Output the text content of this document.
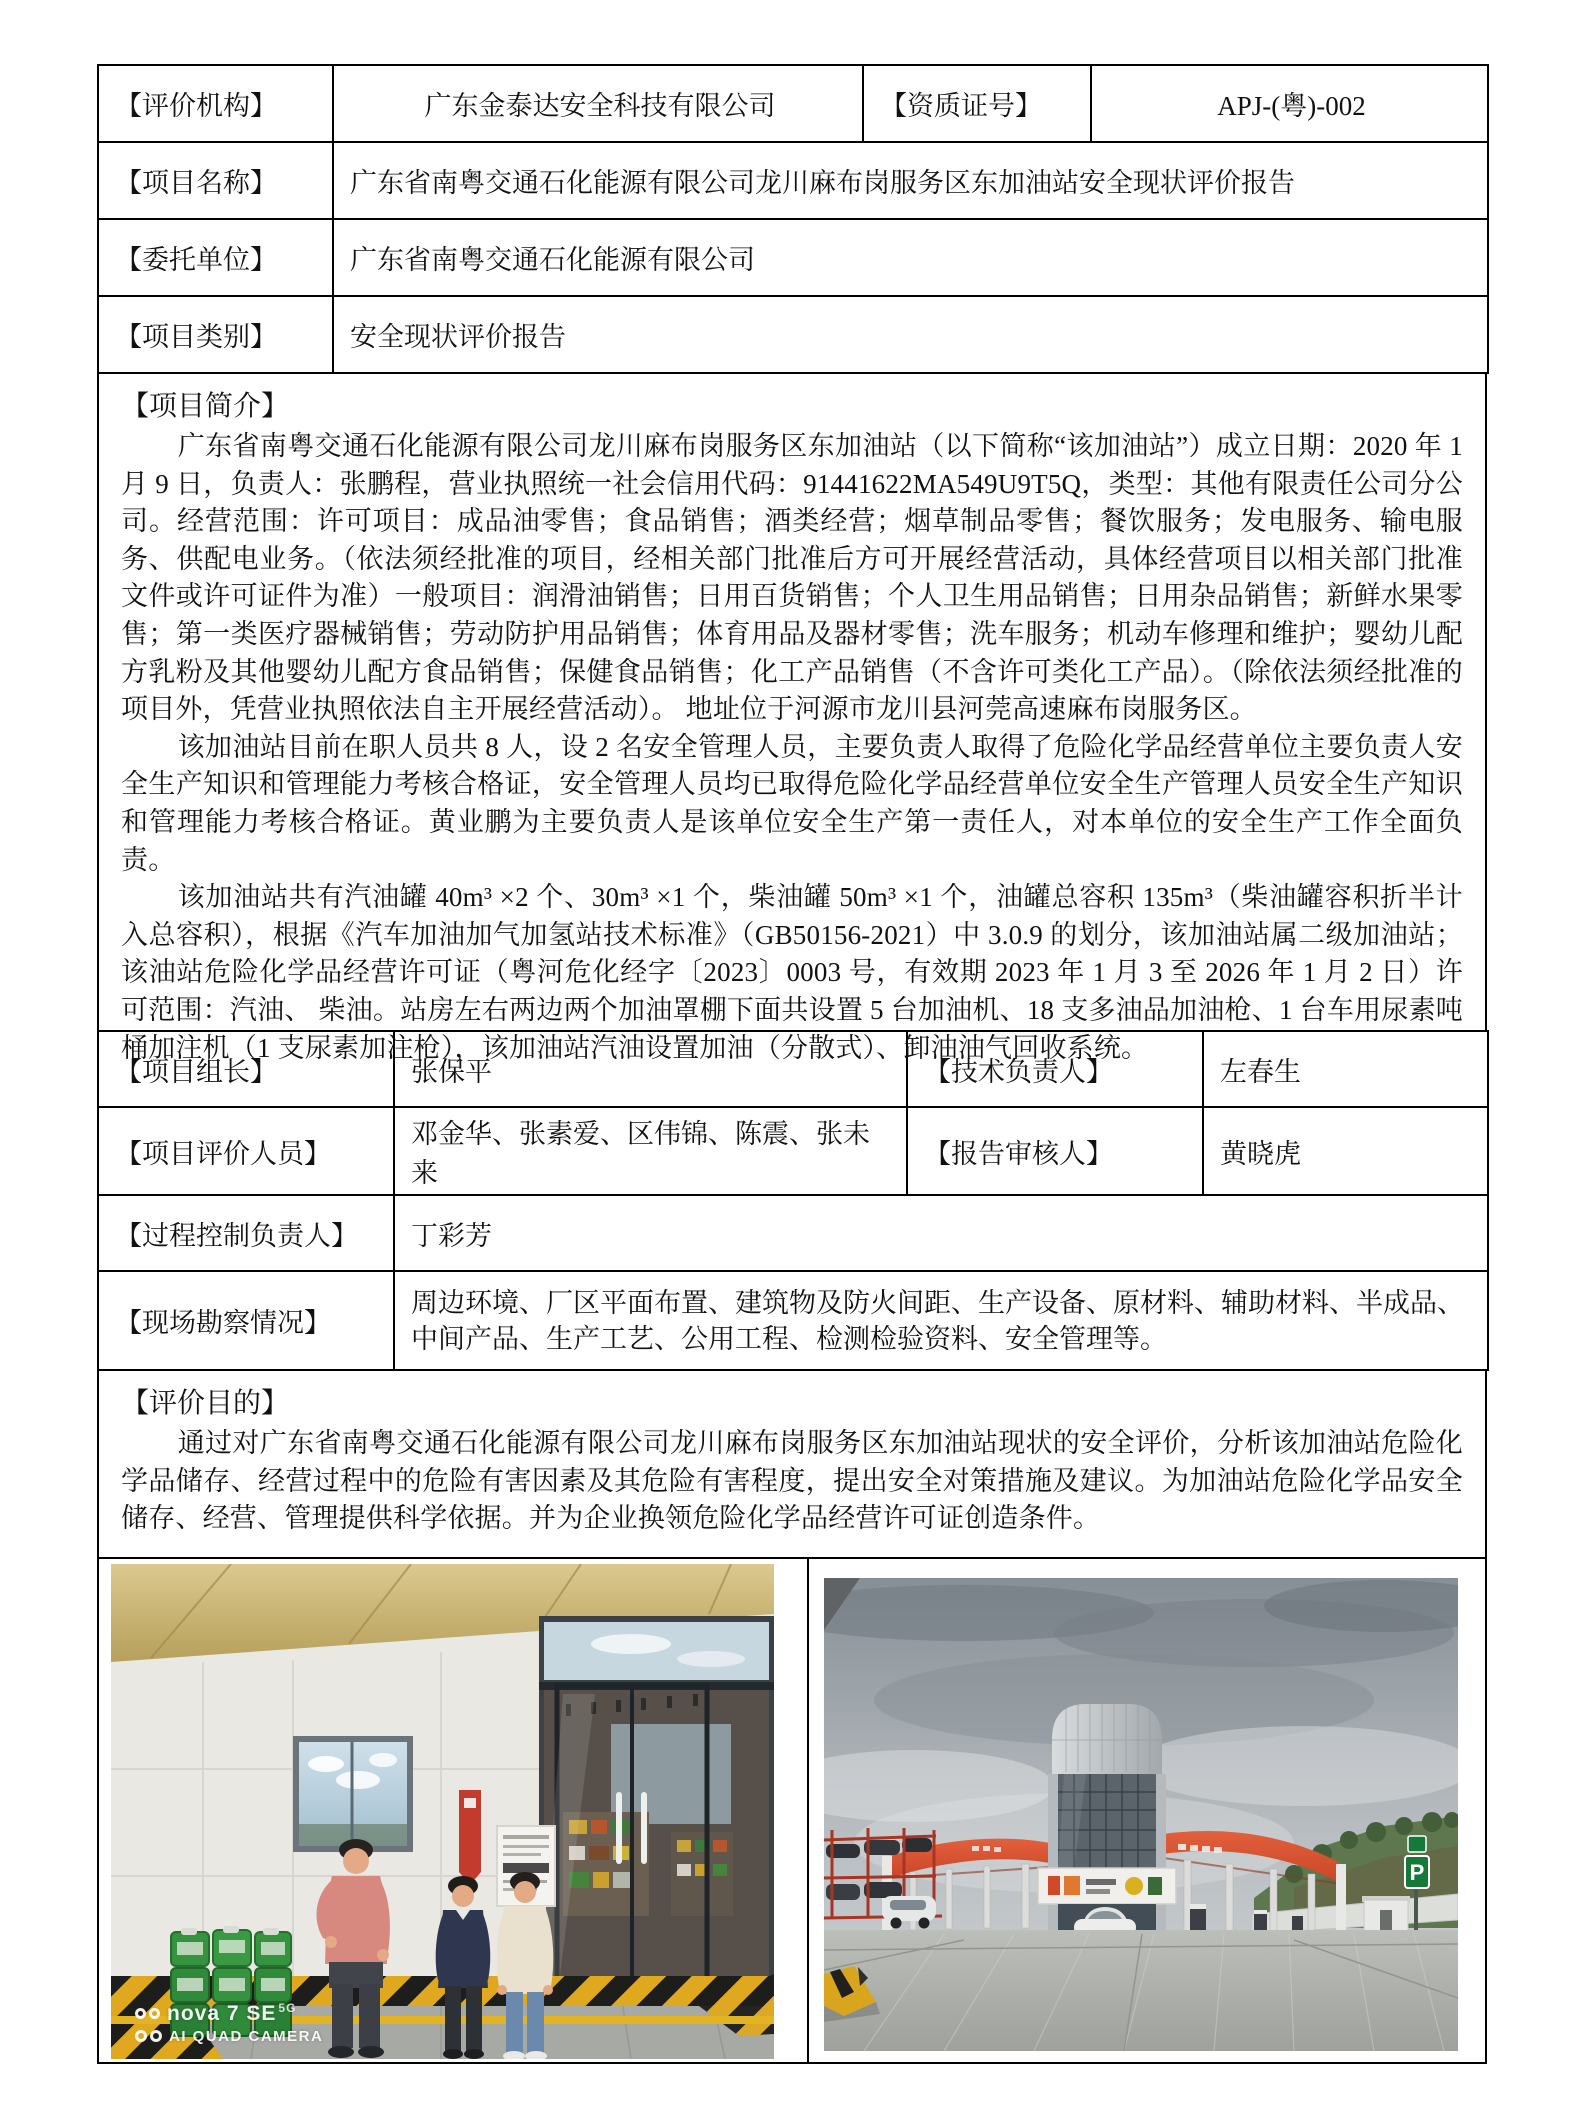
【评价机构】	广东金泰达安全科技有限公司	【资质证号】	APJ-(粤)-002
【项目名称】	广东省南粤交通石化能源有限公司龙川麻布岗服务区东加油站安全现状评价报告		
【委托单位】	广东省南粤交通石化能源有限公司		
【项目类别】	安全现状评价报告		
【项目简介】

广东省南粤交通石化能源有限公司龙川麻布岗服务区东加油站（以下简称“该加油站”）成立日期：2020 年 1 月 9 日，负责人：张鹏程，营业执照统一社会信用代码：91441622MA549U9T5Q，类型：其他有限责任公司分公司。经营范围：许可项目：成品油零售；食品销售；酒类经营；烟草制品零售；餐饮服务；发电服务、输电服务、供配电业务。（依法须经批准的项目，经相关部门批准后方可开展经营活动，具体经营项目以相关部门批准文件或许可证件为准）一般项目：润滑油销售；日用百货销售；个人卫生用品销售；日用杂品销售；新鲜水果零售；第一类医疗器械销售；劳动防护用品销售；体育用品及器材零售；洗车服务；机动车修理和维护；婴幼儿配方乳粉及其他婴幼儿配方食品销售；保健食品销售；化工产品销售（不含许可类化工产品）。（除依法须经批准的项目外，凭营业执照依法自主开展经营活动）。 地址位于河源市龙川县河莞高速麻布岗服务区。

该加油站目前在职人员共 8 人，设 2 名安全管理人员，主要负责人取得了危险化学品经营单位主要负责人安全生产知识和管理能力考核合格证，安全管理人员均已取得危险化学品经营单位安全生产管理人员安全生产知识和管理能力考核合格证。黄业鹏为主要负责人是该单位安全生产第一责任人，对本单位的安全生产工作全面负责。

该加油站共有汽油罐 40m³ ×2 个、30m³ ×1 个，柴油罐 50m³ ×1 个，油罐总容积 135m³（柴油罐容积折半计入总容积），根据《汽车加油加气加氢站技术标准》（GB50156-2021）中 3.0.9 的划分，该加油站属二级加油站；该油站危险化学品经营许可证（粤河危化经字〔2023〕0003 号，有效期 2023 年 1 月 3 至 2026 年 1 月 2 日）许可范围：汽油、 柴油。站房左右两边两个加油罩棚下面共设置 5 台加油机、18 支多油品加油枪、1 台车用尿素吨桶加注机（1 支尿素加注枪），该加油站汽油设置加油（分散式）、卸油油气回收系统。

【项目组长】	张保平	【技术负责人】	左春生
【项目评价人员】	邓金华、张素爱、区伟锦、陈震、张未来	【报告审核人】	黄晓虎
【过程控制负责人】	丁彩芳		
【现场勘察情况】	周边环境、厂区平面布置、建筑物及防火间距、生产设备、原材料、辅助材料、半成品、中间产品、生产工艺、公用工程、检测检验资料、安全管理等。		
【评价目的】

通过对广东省南粤交通石化能源有限公司龙川麻布岗服务区东加油站现状的安全评价，分析该加油站危险化学品储存、经营过程中的危险有害因素及其危险有害程度，提出安全对策措施及建议。为加油站危险化学品安全储存、经营、管理提供科学依据。并为企业换领危险化学品经营许可证创造条件。

nova 7 SE $^{5G}$
AI QUAD CAMERA
P
